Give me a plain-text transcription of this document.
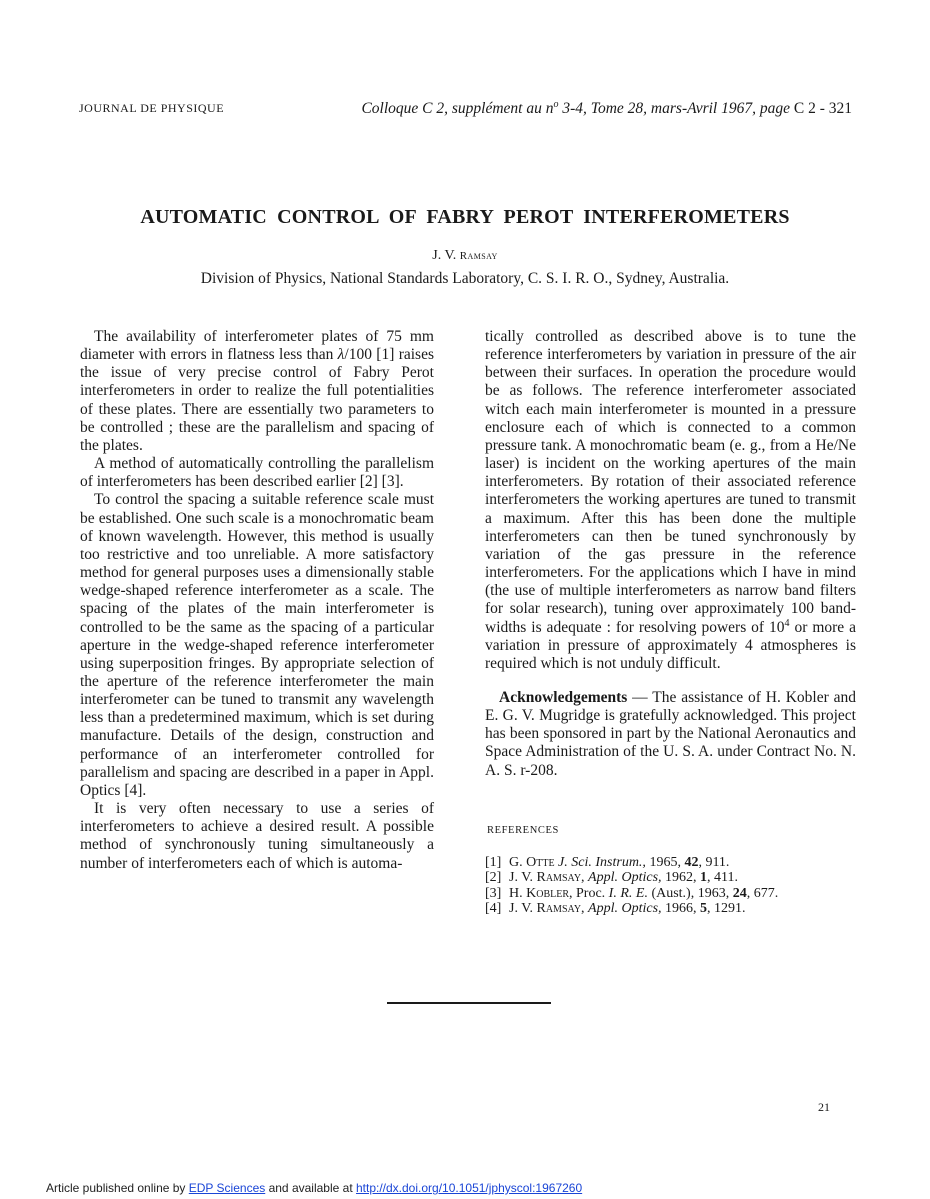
JOURNAL DE PHYSIQUE	Colloque C 2, supplément au $n^o$ 3-4, Tome 28, mars-Avril 1967, page C 2 - 321
AUTOMATIC CONTROL OF FABRY PEROT INTERFEROMETERS
J. V. Ramsay
Division of Physics, National Standards Laboratory, C. S. I. R. O., Sydney, Australia.

The availability of interferometer plates of 75 mm diameter with errors in flatness less than λ/100 [1] raises the issue of very precise control of Fabry Perot interferometers in order to realize the full potentialities of these plates. There are essentially two parameters to be controlled ; these are the parallelism and spacing of the plates.

A method of automatically controlling the parallelism of interferometers has been described earlier [2] [3].

To control the spacing a suitable reference scale must be established. One such scale is a monochromatic beam of known wavelength. However, this method is usually too restrictive and too unreliable. A more satisfactory method for general purposes uses a dimensionally stable wedge-shaped reference interferometer as a scale. The spacing of the plates of the main interferometer is controlled to be the same as the spacing of a particular aperture in the wedge-shaped reference interferometer using superposition fringes. By appropriate selection of the aperture of the reference interferometer the main interferometer can be tuned to transmit any wavelength less than a predetermined maximum, which is set during manufacture. Details of the design, construction and performance of an interferometer controlled for parallelism and spacing are described in a paper in Appl. Optics [4].

It is very often necessary to use a series of interferometers to achieve a desired result. A possible method of synchronously tuning simultaneously a number of interferometers each of which is automa-

tically controlled as described above is to tune the reference interferometers by variation in pressure of the air between their surfaces. In operation the procedure would be as follows. The reference interferometer associated witch each main interferometer is mounted in a pressure enclosure each of which is connected to a common pressure tank. A monochromatic beam (e. g., from a He/Ne laser) is incident on the working apertures of the main interferometers. By rotation of their associated reference interferometers the working apertures are tuned to transmit a maximum. After this has been done the multiple interferometers can then be tuned synchronously by variation of the gas pressure in the reference interferometers. For the applications which I have in mind (the use of multiple interferometers as narrow band filters for solar research), tuning over approximately 100 band-widths is adequate : for resolving powers of $10^4$ or more a variation in pressure of approximately 4 atmospheres is required which is not unduly difficult.

Acknowledgements — The assistance of H. Kobler and E. G. V. Mugridge is gratefully acknowledged. This project has been sponsored in part by the National Aeronautics and Space Administration of the U. S. A. under Contract No. N. A. S. r-208.

REFERENCES
[1] G. Otte J. Sci. Instrum., 1965, 42, 911.
[2] J. V. Ramsay, Appl. Optics, 1962, 1, 411.
[3] H. Kobler, Proc. I. R. E. (Aust.), 1963, 24, 677.
[4] J. V. Ramsay, Appl. Optics, 1966, 5, 1291.
21
Article published online by EDP Sciences and available at http://dx.doi.org/10.1051/jphyscol:1967260
